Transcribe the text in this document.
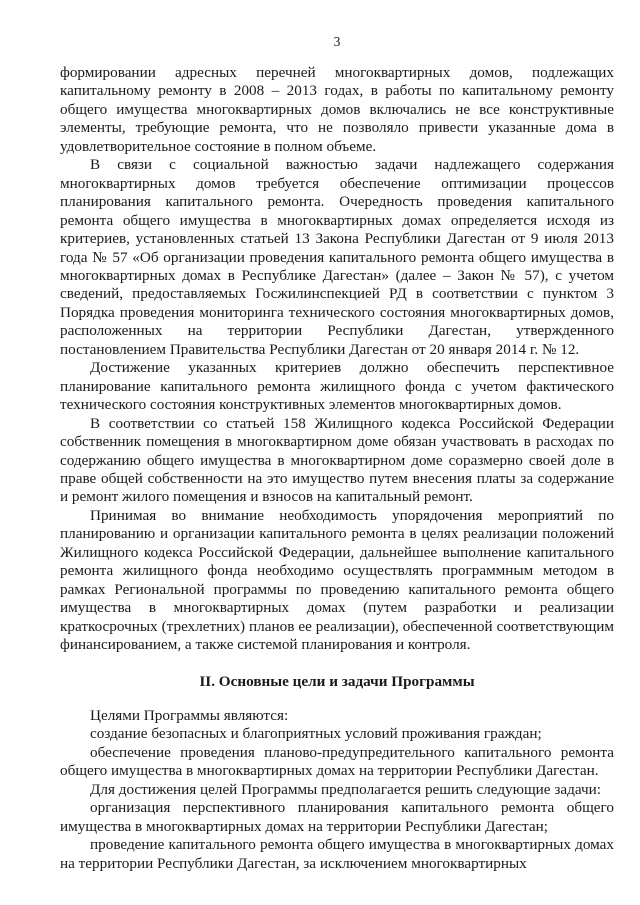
3

формировании адресных перечней многоквартирных домов, подлежащих капитальному ремонту в 2008 – 2013 годах, в работы по капитальному ремонту общего имущества многоквартирных домов включались не все конструктивные элементы, требующие ремонта, что не позволяло привести указанные дома в удовлетворительное состояние в полном объеме.

В связи с социальной важностью задачи надлежащего содержания многоквартирных домов требуется обеспечение оптимизации процессов планирования капитального ремонта. Очередность проведения капитального ремонта общего имущества в многоквартирных домах определяется исходя из критериев, установленных статьей 13 Закона Республики Дагестан от 9 июля 2013 года № 57 «Об организации проведения капитального ремонта общего имущества в многоквартирных домах в Республике Дагестан» (далее – Закон № 57), с учетом сведений, предоставляемых Госжилинспекцией РД в соответствии с пунктом 3 Порядка проведения мониторинга технического состояния многоквартирных домов, расположенных на территории Республики Дагестан, утвержденного постановлением Правительства Республики Дагестан от 20 января 2014 г. № 12.

Достижение указанных критериев должно обеспечить перспективное планирование капитального ремонта жилищного фонда с учетом фактического технического состояния конструктивных элементов многоквартирных домов.

В соответствии со статьей 158 Жилищного кодекса Российской Федерации собственник помещения в многоквартирном доме обязан участвовать в расходах по содержанию общего имущества в многоквартирном доме соразмерно своей доле в праве общей собственности на это имущество путем внесения платы за содержание и ремонт жилого помещения и взносов на капитальный ремонт.

Принимая во внимание необходимость упорядочения мероприятий по планированию и организации капитального ремонта в целях реализации положений Жилищного кодекса Российской Федерации, дальнейшее выполнение капитального ремонта жилищного фонда необходимо осуществлять программным методом в рамках Региональной программы по проведению капитального ремонта общего имущества в многоквартирных домах (путем разработки и реализации краткосрочных (трехлетних) планов ее реализации), обеспеченной соответствующим финансированием, а также системой планирования и контроля.

II. Основные цели и задачи Программы

Целями Программы являются:

создание безопасных и благоприятных условий проживания граждан;

обеспечение проведения планово-предупредительного капитального ремонта общего имущества в многоквартирных домах на территории Республики Дагестан.

Для достижения целей Программы предполагается решить следующие задачи:

организация перспективного планирования капитального ремонта общего имущества в многоквартирных домах на территории Республики Дагестан;

проведение капитального ремонта общего имущества в многоквартирных домах на территории Республики Дагестан, за исключением многоквартирных
